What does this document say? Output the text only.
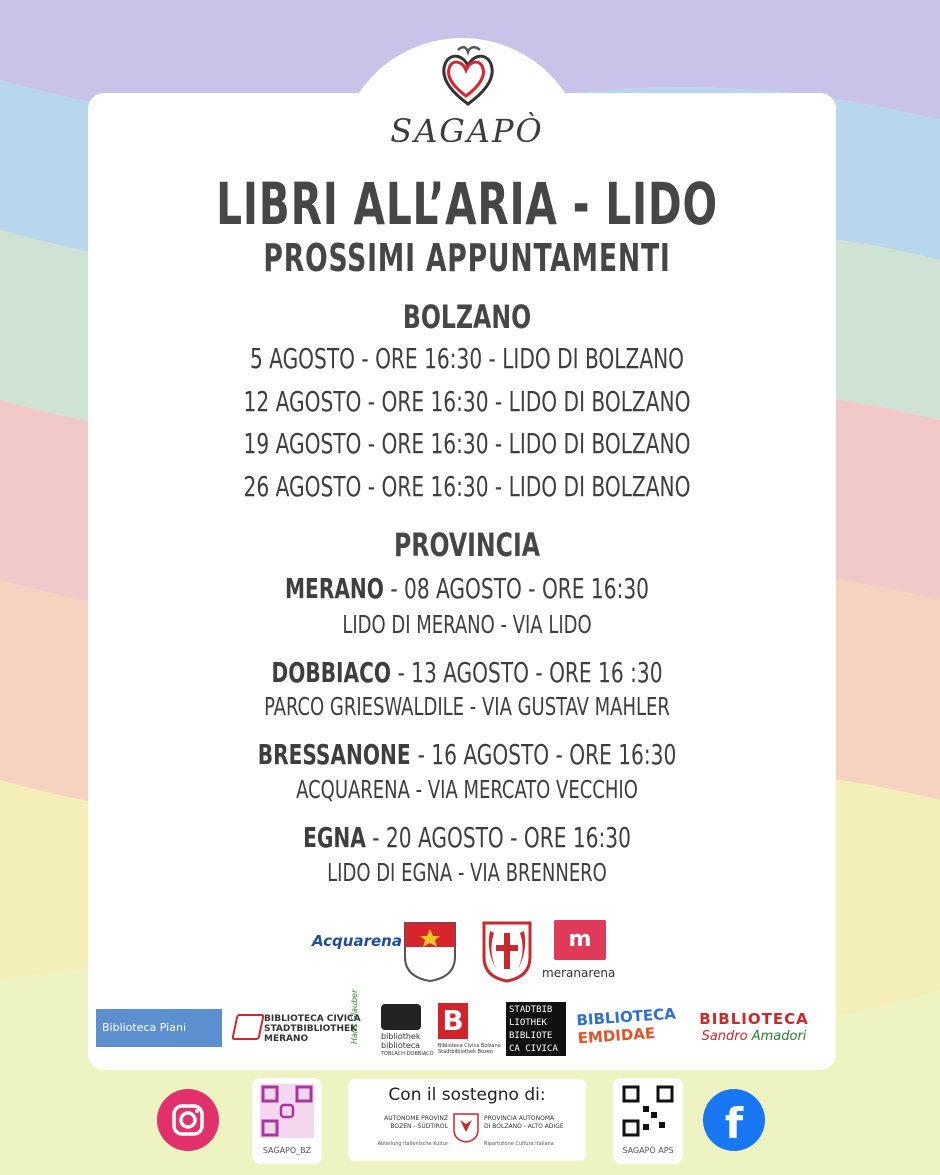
SAGAPÒ
LIBRI ALL’ARIA - LIDO
PROSSIMI APPUNTAMENTI
BOLZANO
5 AGOSTO - ORE 16:30 - LIDO DI BOLZANO
12 AGOSTO - ORE 16:30 - LIDO DI BOLZANO
19 AGOSTO - ORE 16:30 - LIDO DI BOLZANO
26 AGOSTO - ORE 16:30 - LIDO DI BOLZANO
PROVINCIA
MERANO - 08 AGOSTO - ORE 16:30
LIDO DI MERANO - VIA LIDO
DOBBIACO - 13 AGOSTO - ORE 16 :30
PARCO GRIESWALDILE - VIA GUSTAV MAHLER
BRESSANONE - 16 AGOSTO - ORE 16:30
ACQUARENA - VIA MERCATO VECCHIO
EGNA - 20 AGOSTO - ORE 16:30
LIDO DI EGNA - VIA BRENNERO
Acquarena	m
meranarena
Biblioteca Piani
BIBLIOTECA CIVICA
STADTBIBLIOTHEK
MERANO	bibliothek
biblioteca
TOBLACH-DOBBIACO
B
Biblioteca Civica Bolzano
Stadtbibliothek Bozen
STADTBIB
LIOTHEK
BIBLIOTE
CA CIVICA
BIBLIOTECA
EMDIDAE
BIBLIOTECA
Sandro Amadori
SAGAPO_BZ
Con il sostegno di:
AUTONOME PROVINZ
BOZEN - SÜDTIROL
PROVINCIA AUTONOMA
DI BOLZANO - ALTO ADIGE
Abteilung Italienische Kultur	Ripartizione Cultura italiana
SAGAPÒ APS
f
